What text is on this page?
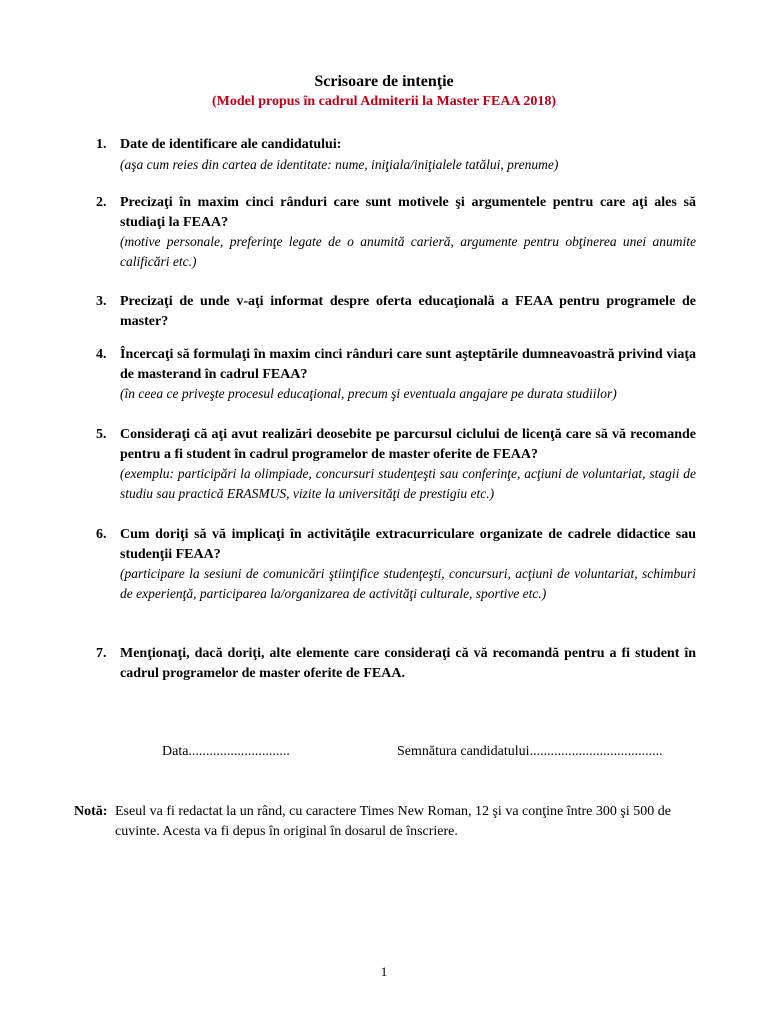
Scrisoare de intenţie
(Model propus în cadrul Admiterii la Master FEAA 2018)
1. Date de identificare ale candidatului:
(aşa cum reies din cartea de identitate: nume, iniţiala/iniţialele tatălui, prenume)
2. Precizaţi în maxim cinci rânduri care sunt motivele şi argumentele pentru care aţi ales să studiaţi la FEAA?
(motive personale, preferinţe legate de o anumită carieră, argumente pentru obţinerea unei anumite calificări etc.)
3. Precizaţi de unde v-aţi informat despre oferta educaţională a FEAA pentru programele de master?
4. Încercaţi să formulaţi în maxim cinci rânduri care sunt aşteptările dumneavoastră privind viaţa de masterand în cadrul FEAA?
(în ceea ce priveşte procesul educaţional, precum şi eventuala angajare pe durata studiilor)
5. Consideraţi că aţi avut realizări deosebite pe parcursul ciclului de licenţă care să vă recomande pentru a fi student în cadrul programelor de master oferite de FEAA?
(exemplu: participări la olimpiade, concursuri studenţeşti sau conferinţe, acţiuni de voluntariat, stagii de studiu sau practică ERASMUS, vizite la universităţi de prestigiu etc.)
6. Cum doriţi să vă implicaţi în activităţile extracurriculare organizate de cadrele didactice sau studenţii FEAA?
(participare la sesiuni de comunicări ştiinţifice studenţeşti, concursuri, acţiuni de voluntariat, schimburi de experienţă, participarea la/organizarea de activităţi culturale, sportive etc.)
7. Menţionaţi, dacă doriţi, alte elemente care consideraţi că vă recomandă pentru a fi student în cadrul programelor de master oferite de FEAA.
Data.............................	Semnătura candidatului......................................
Notă: Eseul va fi redactat la un rând, cu caractere Times New Roman, 12 şi va conţine între 300 şi 500 de cuvinte. Acesta va fi depus în original în dosarul de înscriere.
1
